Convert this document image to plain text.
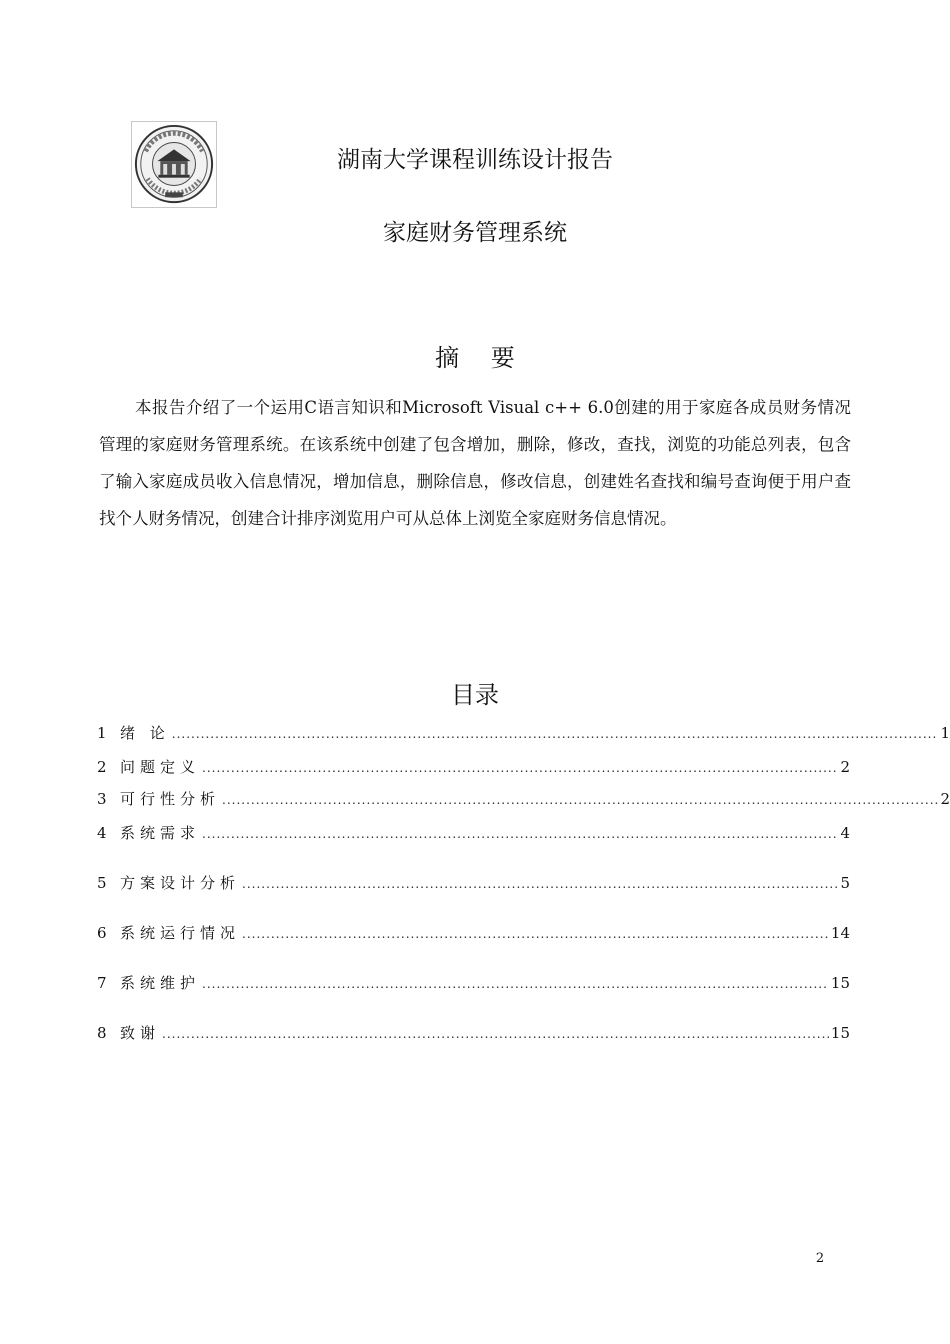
湖南大学课程训练设计报告
家庭财务管理系统
摘 要
本报告介绍了一个运用C语言知识和Microsoft Visual c++ 6.0创建的用于家庭各成员财务情况管理的家庭财务管理系统。在该系统中创建了包含增加，删除，修改，查找，浏览的功能总列表，包含了输入家庭成员收入信息情况，增加信息，删除信息，修改信息，创建姓名查找和编号查询便于用户查找个人财务情况，创建合计排序浏览用户可从总体上浏览全家庭财务信息情况。
目录
1 绪 论 .....	1
2 问题定义 .....	2
3 可行性分析 .....	2
4 系统需求 .....	4
5 方案设计分析 .....	5
6 系统运行情况 .....	14
7 系统维护 .....	15
8 致谢 .....	15
2
